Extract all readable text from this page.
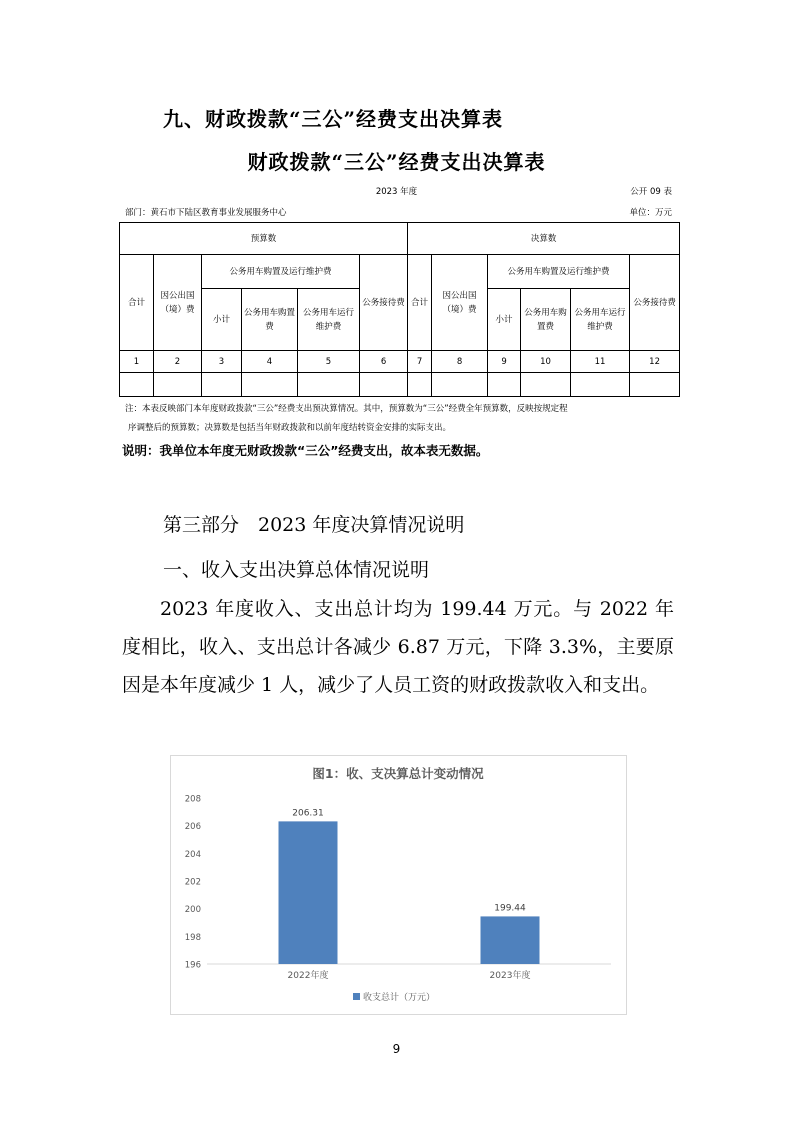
九、财政拨款“三公”经费支出决算表
财政拨款“三公”经费支出决算表
2023 年度	公开 09 表
部门：黄石市下陆区教育事业发展服务中心	单位：万元
预算数						决算数					
合计	因公出国（境）费	公务用车购置及运行维护费			公务接待费	合计	因公出国（境）费	公务用车购置及运行维护费			公务接待费
		小计	公务用车购置费	公务用车运行维护费				小计	公务用车购置费	公务用车运行维护费	
1	2	3	4	5	6	7	8	9	10	11	12

注：本表反映部门本年度财政拨款“三公”经费支出预决算情况。其中，预算数为“三公”经费全年预算数，反映按规定程
序调整后的预算数；决算数是包括当年财政拨款和以前年度结转资金安排的实际支出。
说明：我单位本年度无财政拨款“三公”经费支出，故本表无数据。
第三部分　2023 年度决算情况说明
一、收入支出决算总体情况说明
2023 年度收入、支出总计均为 199.44 万元。与 2022 年度相比，收入、支出总计各减少 6.87 万元，下降 3.3%，主要原因是本年度减少 1 人，减少了人员工资的财政拨款收入和支出。
图1：收、支决算总计变动情况
196
198
200
202
204
206
208
206.31
2022年度
199.44
2023年度
收支总计（万元）
9
